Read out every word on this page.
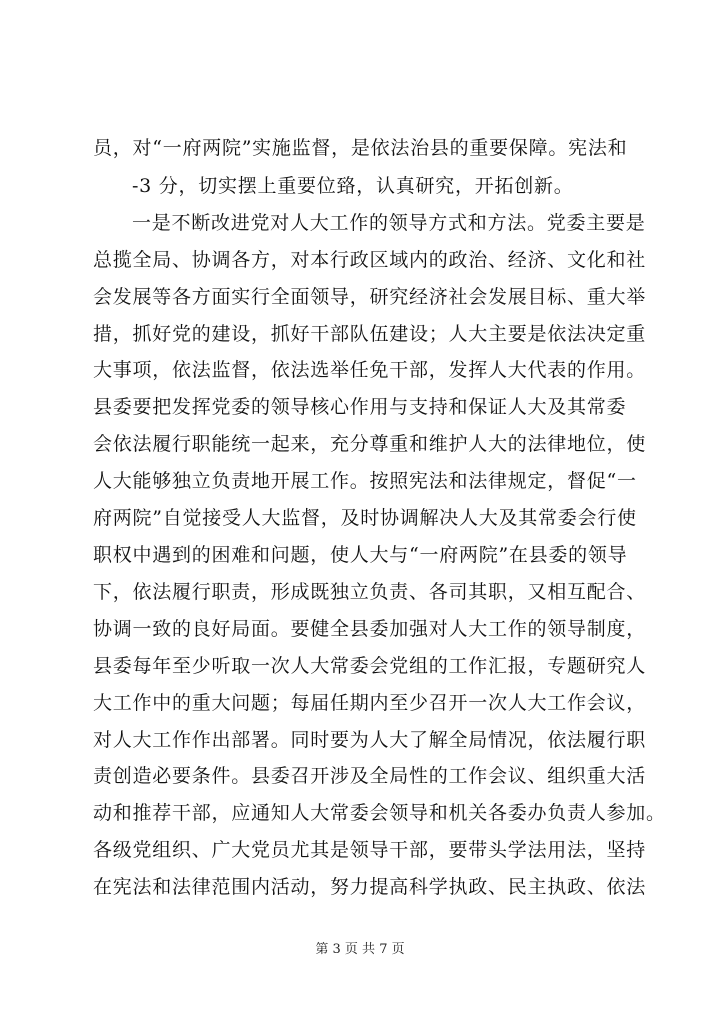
员，对“一府两院”实施监督，是依法治县的重要保障。宪法和
-3 分，切实摆上重要位臵，认真研究，开拓创新。
一是不断改进党对人大工作的领导方式和方法。党委主要是
总揽全局、协调各方，对本行政区域内的政治、经济、文化和社
会发展等各方面实行全面领导，研究经济社会发展目标、重大举
措，抓好党的建设，抓好干部队伍建设；人大主要是依法决定重
大事项，依法监督，依法选举任免干部，发挥人大代表的作用。
县委要把发挥党委的领导核心作用与支持和保证人大及其常委
会依法履行职能统一起来，充分尊重和维护人大的法律地位，使
人大能够独立负责地开展工作。按照宪法和法律规定，督促“一
府两院”自觉接受人大监督，及时协调解决人大及其常委会行使
职权中遇到的困难和问题，使人大与“一府两院”在县委的领导
下，依法履行职责，形成既独立负责、各司其职，又相互配合、
协调一致的良好局面。要健全县委加强对人大工作的领导制度，
县委每年至少听取一次人大常委会党组的工作汇报，专题研究人
大工作中的重大问题；每届任期内至少召开一次人大工作会议，
对人大工作作出部署。同时要为人大了解全局情况，依法履行职
责创造必要条件。县委召开涉及全局性的工作会议、组织重大活
动和推荐干部，应通知人大常委会领导和机关各委办负责人参加。
各级党组织、广大党员尤其是领导干部，要带头学法用法，坚持
在宪法和法律范围内活动，努力提高科学执政、民主执政、依法
第 3 页 共 7 页
